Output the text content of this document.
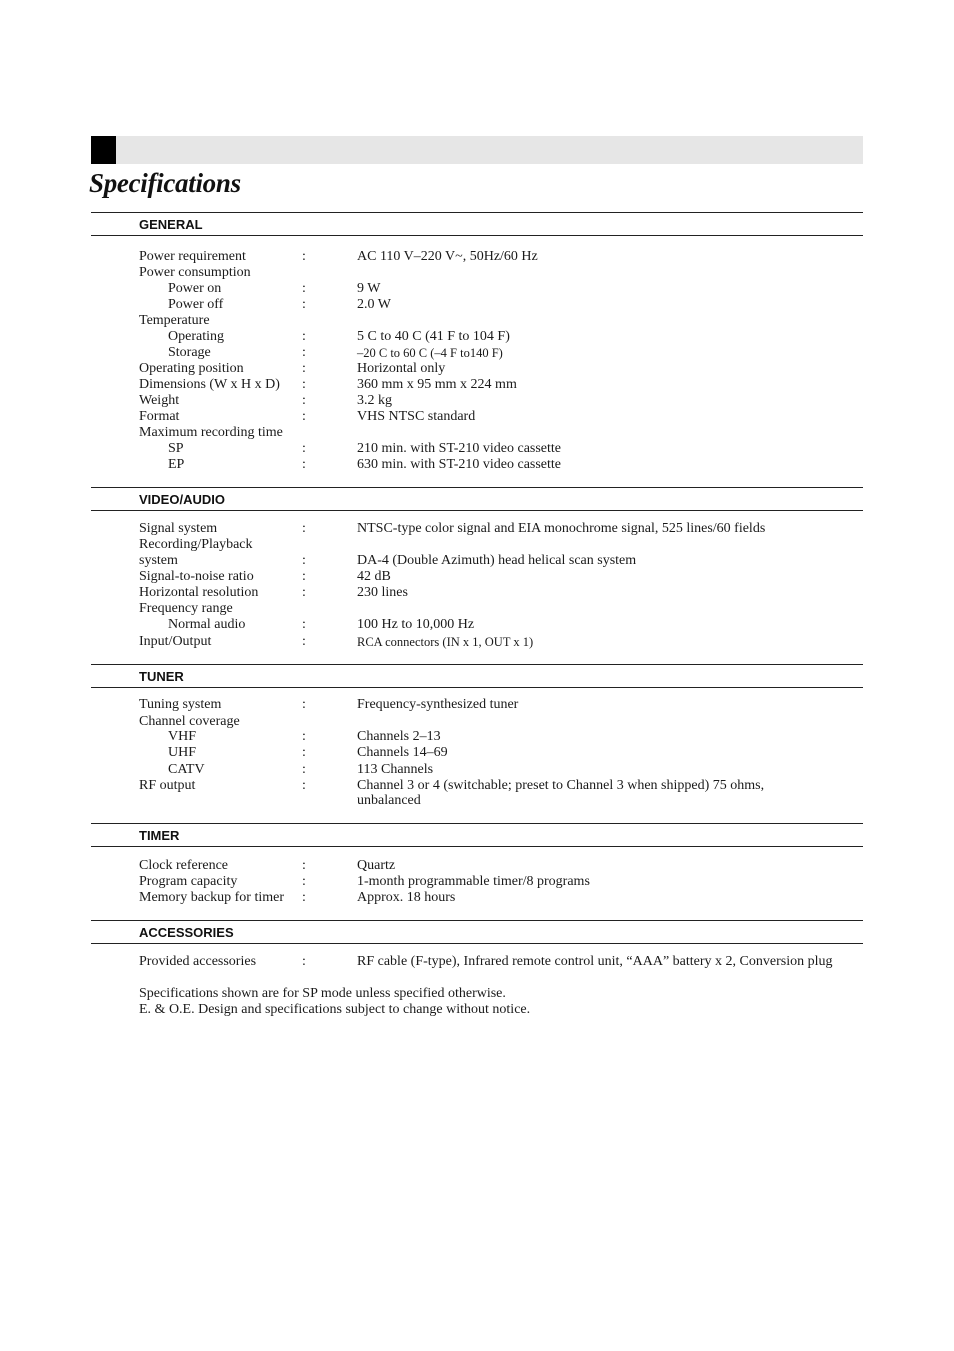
Specifications
GENERAL
Power requirement	:	AC 110 V–220 V~, 50Hz/60 Hz
Power consumption
Power on	:	9 W
Power off	:	2.0 W
Temperature
Operating	:	5 C to 40 C (41 F to 104 F)
Storage	:	–20 C to 60 C (–4 F to140 F)
Operating position	:	Horizontal only
Dimensions (W x H x D) :	360 mm x 95 mm x 224 mm
Weight	:	3.2 kg
Format	:	VHS NTSC standard
Maximum recording time
SP	:	210 min. with ST-210 video cassette
EP	:	630 min. with ST-210 video cassette
VIDEO/AUDIO
Signal system	:	NTSC-type color signal and EIA monochrome signal, 525 lines/60 fields
Recording/Playback
system	:	DA-4 (Double Azimuth) head helical scan system
Signal-to-noise ratio	:	42 dB
Horizontal resolution	:	230 lines
Frequency range
Normal audio	:	100 Hz to 10,000 Hz
Input/Output	:	RCA connectors (IN x 1, OUT x 1)
TUNER
Tuning system	:	Frequency-synthesized tuner
Channel coverage
VHF	:	Channels 2–13
UHF	:	Channels 14–69
CATV	:	113 Channels
RF output	:	Channel 3 or 4 (switchable; preset to Channel 3 when shipped) 75 ohms,
unbalanced
TIMER
Clock reference	:	Quartz
Program capacity	:	1-month programmable timer/8 programs
Memory backup for timer :	Approx. 18 hours
ACCESSORIES
Provided accessories	:	RF cable (F-type), Infrared remote control unit, “AAA” battery x 2, Conversion plug
Specifications shown are for SP mode unless specified otherwise.
E. & O.E. Design and specifications subject to change without notice.
